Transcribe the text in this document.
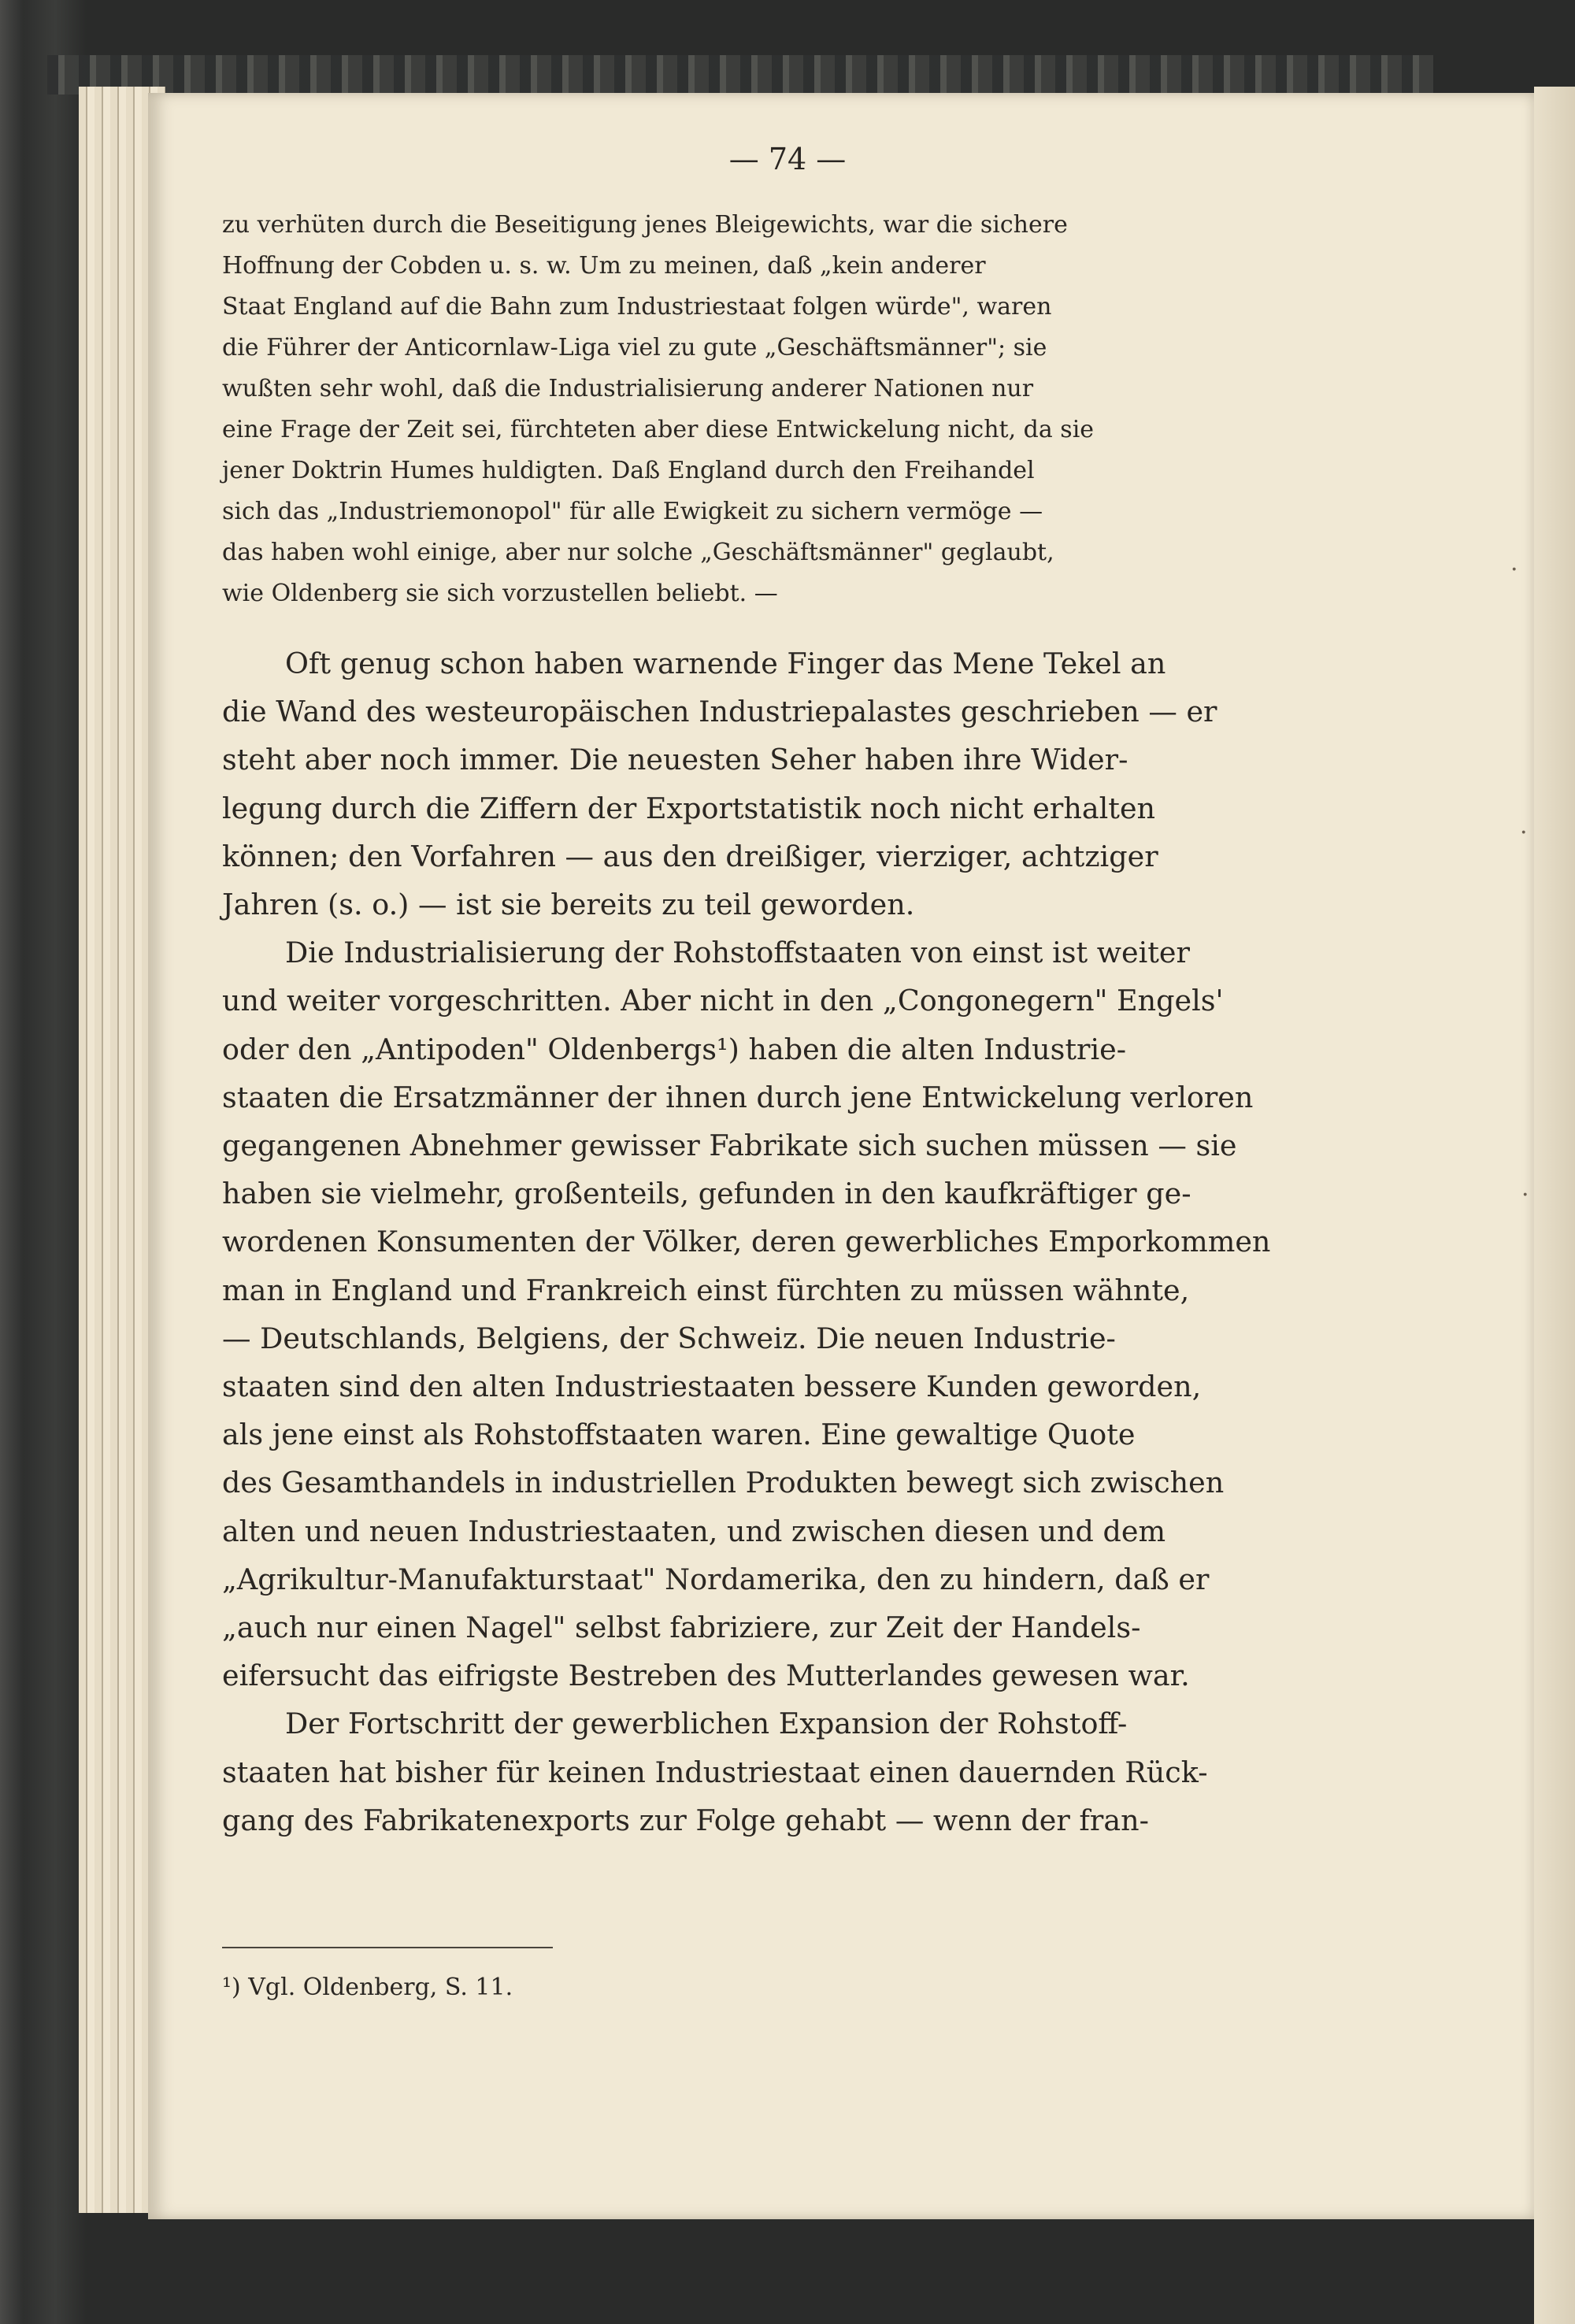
— 74 —
zu verhüten durch die Beseitigung jenes Bleigewichts, war die sichere
Hoffnung der Cobden u. s. w. Um zu meinen, daß „kein anderer
Staat England auf die Bahn zum Industriestaat folgen würde", waren
die Führer der Anticornlaw-Liga viel zu gute „Geschäftsmänner"; sie
wußten sehr wohl, daß die Industrialisierung anderer Nationen nur
eine Frage der Zeit sei, fürchteten aber diese Entwickelung nicht, da sie
jener Doktrin Humes huldigten. Daß England durch den Freihandel
sich das „Industriemonopol" für alle Ewigkeit zu sichern vermöge —
das haben wohl einige, aber nur solche „Geschäftsmänner" geglaubt,
wie Oldenberg sie sich vorzustellen beliebt. —
Oft genug schon haben warnende Finger das Mene Tekel an
die Wand des westeuropäischen Industriepalastes geschrieben — er
steht aber noch immer. Die neuesten Seher haben ihre Wider-
legung durch die Ziffern der Exportstatistik noch nicht erhalten
können; den Vorfahren — aus den dreißiger, vierziger, achtziger
Jahren (s. o.) — ist sie bereits zu teil geworden.
Die Industrialisierung der Rohstoffstaaten von einst ist weiter
und weiter vorgeschritten. Aber nicht in den „Congonegern" Engels'
oder den „Antipoden" Oldenbergs¹) haben die alten Industrie-
staaten die Ersatzmänner der ihnen durch jene Entwickelung verloren
gegangenen Abnehmer gewisser Fabrikate sich suchen müssen — sie
haben sie vielmehr, großenteils, gefunden in den kaufkräftiger ge-
wordenen Konsumenten der Völker, deren gewerbliches Emporkommen
man in England und Frankreich einst fürchten zu müssen wähnte,
— Deutschlands, Belgiens, der Schweiz. Die neuen Industrie-
staaten sind den alten Industriestaaten bessere Kunden geworden,
als jene einst als Rohstoffstaaten waren. Eine gewaltige Quote
des Gesamthandels in industriellen Produkten bewegt sich zwischen
alten und neuen Industriestaaten, und zwischen diesen und dem
„Agrikultur-Manufakturstaat" Nordamerika, den zu hindern, daß er
„auch nur einen Nagel" selbst fabriziere, zur Zeit der Handels-
eifersucht das eifrigste Bestreben des Mutterlandes gewesen war.
Der Fortschritt der gewerblichen Expansion der Rohstoff-
staaten hat bisher für keinen Industriestaat einen dauernden Rück-
gang des Fabrikatenexports zur Folge gehabt — wenn der fran-
¹) Vgl. Oldenberg, S. 11.
·
·
·
